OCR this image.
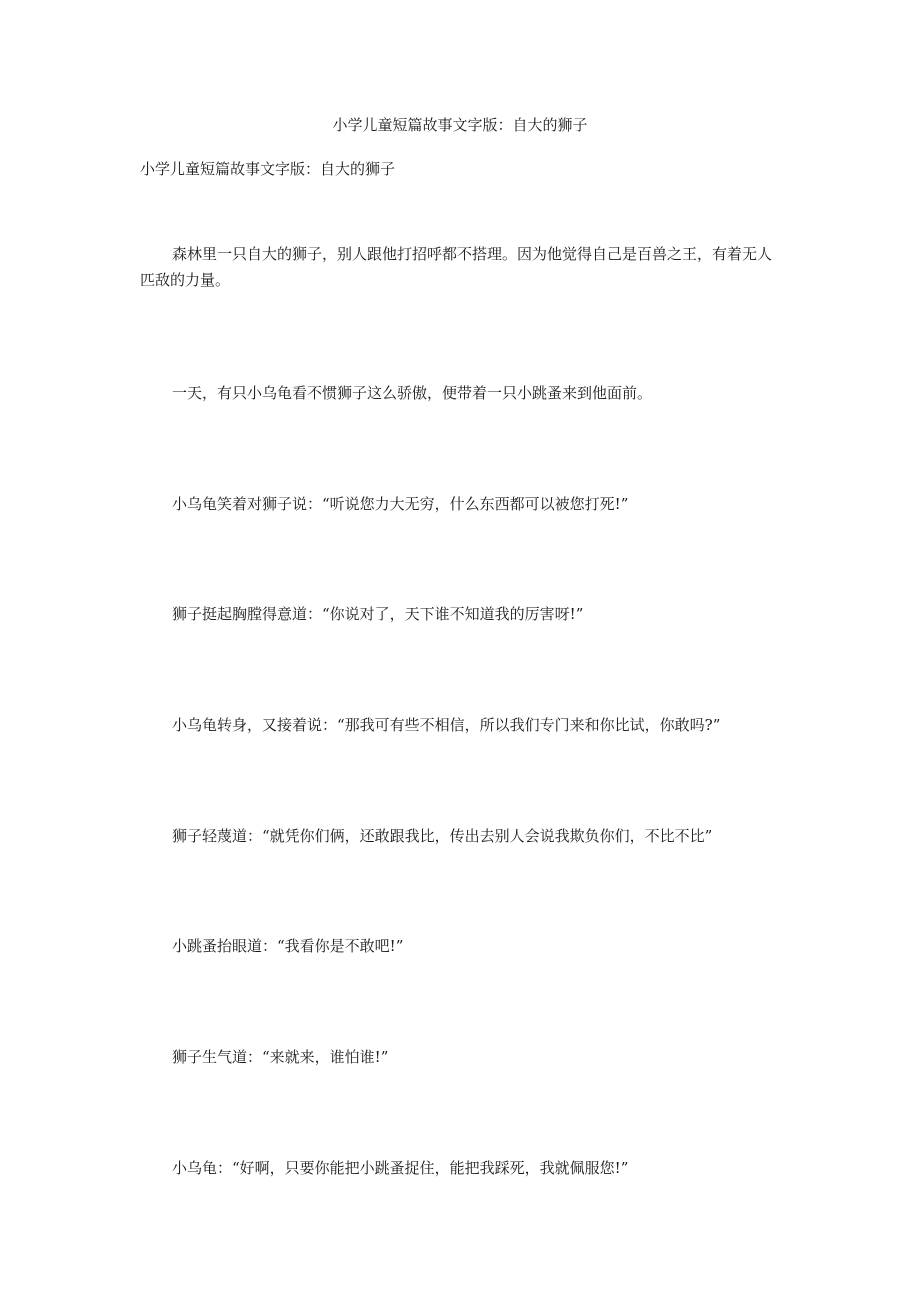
小学儿童短篇故事文字版：自大的狮子
小学儿童短篇故事文字版：自大的狮子

森林里一只自大的狮子，别人跟他打招呼都不搭理。因为他觉得自己是百兽之王，有着无人匹敌的力量。

一天，有只小乌龟看不惯狮子这么骄傲，便带着一只小跳蚤来到他面前。

小乌龟笑着对狮子说：“听说您力大无穷，什么东西都可以被您打死!”

狮子挺起胸膛得意道：“你说对了，天下谁不知道我的厉害呀!”

小乌龟转身，又接着说：“那我可有些不相信，所以我们专门来和你比试，你敢吗?”

狮子轻蔑道：“就凭你们俩，还敢跟我比，传出去别人会说我欺负你们，不比不比”

小跳蚤抬眼道：“我看你是不敢吧!”

狮子生气道：“来就来，谁怕谁!”

小乌龟：“好啊，只要你能把小跳蚤捉住，能把我踩死，我就佩服您!”
